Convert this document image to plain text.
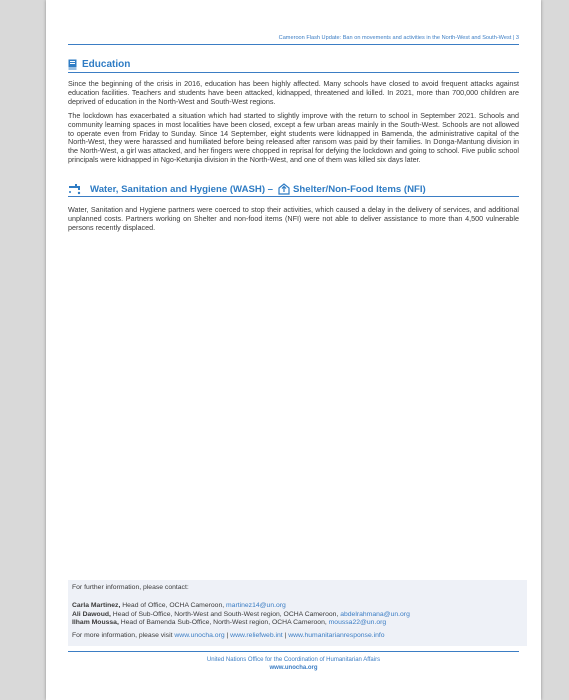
Cameroon Flash Update: Ban on movements and activities in the North-West and South-West | 3
Education
Since the beginning of the crisis in 2016, education has been highly affected. Many schools have closed to avoid frequent attacks against education facilities. Teachers and students have been attacked, kidnapped, threatened and killed. In 2021, more than 700,000 children are deprived of education in the North-West and South-West regions.
The lockdown has exacerbated a situation which had started to slightly improve with the return to school in September 2021. Schools and community learning spaces in most localities have been closed, except a few urban areas mainly in the South-West. Schools are not allowed to operate even from Friday to Sunday. Since 14 September, eight students were kidnapped in Bamenda, the administrative capital of the North-West, they were harassed and humiliated before being released after ransom was paid by their families. In Donga-Mantung division in the North-West, a girl was attacked, and her fingers were chopped in reprisal for defying the lockdown and going to school. Five public school principals were kidnapped in Ngo-Ketunjia division in the North-West, and one of them was killed six days later.
Water, Sanitation and Hygiene (WASH) – Shelter/Non-Food Items (NFI)
Water, Sanitation and Hygiene partners were coerced to stop their activities, which caused a delay in the delivery of services, and additional unplanned costs. Partners working on Shelter and non-food items (NFI) were not able to deliver assistance to more than 4,500 vulnerable persons recently displaced.
For further information, please contact:
Carla Martinez, Head of Office, OCHA Cameroon, martinez14@un.org
Ali Dawoud, Head of Sub-Office, North-West and South-West region, OCHA Cameroon, abdelrahmana@un.org
Ilham Moussa, Head of Bamenda Sub-Office, North-West region, OCHA Cameroon, moussa22@un.org
For more information, please visit www.unocha.org | www.reliefweb.int | www.humanitarianresponse.info
United Nations Office for the Coordination of Humanitarian Affairs
www.unocha.org
